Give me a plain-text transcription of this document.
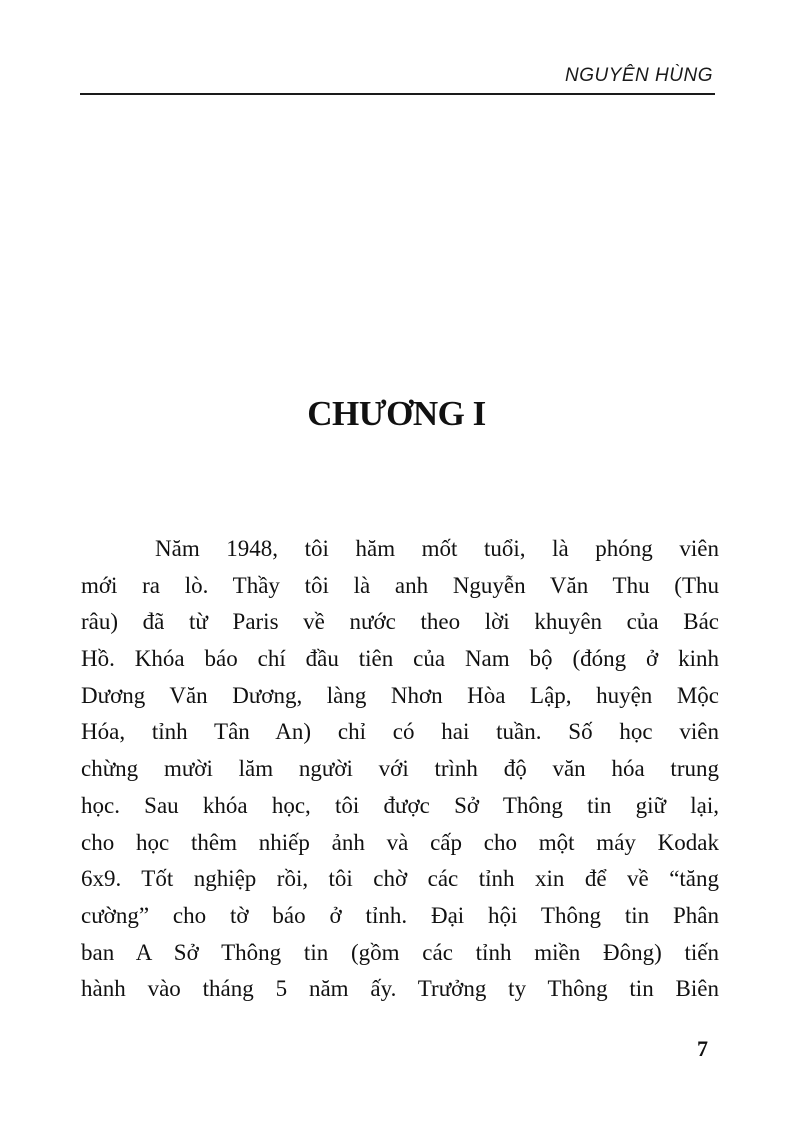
NGUYÊN HÙNG
CHƯƠNG I
Năm 1948, tôi hăm mốt tuổi, là phóng viên
mới ra lò. Thầy tôi là anh Nguyễn Văn Thu (Thu
râu) đã từ Paris về nước theo lời khuyên của Bác
Hồ. Khóa báo chí đầu tiên của Nam bộ (đóng ở kinh
Dương Văn Dương, làng Nhơn Hòa Lập, huyện Mộc
Hóa, tỉnh Tân An) chỉ có hai tuần. Số học viên
chừng mười lăm người với trình độ văn hóa trung
học. Sau khóa học, tôi được Sở Thông tin giữ lại,
cho học thêm nhiếp ảnh và cấp cho một máy Kodak
6x9. Tốt nghiệp rồi, tôi chờ các tỉnh xin để về “tăng
cường” cho tờ báo ở tỉnh. Đại hội Thông tin Phân
ban A Sở Thông tin (gồm các tỉnh miền Đông) tiến
hành vào tháng 5 năm ấy. Trưởng ty Thông tin Biên
7
